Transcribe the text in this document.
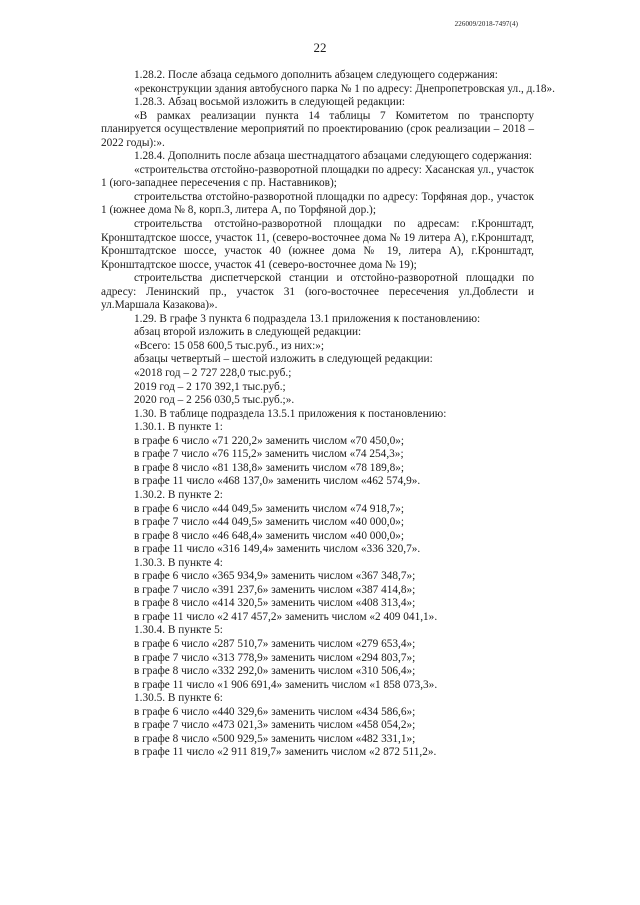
226009/2018-7497(4)
22
1.28.2. После абзаца седьмого дополнить абзацем следующего содержания:
«реконструкции здания автобусного парка № 1 по адресу: Днепропетровская ул., д.18».
1.28.3. Абзац восьмой изложить в следующей редакции:
«В рамках реализации пункта 14 таблицы 7 Комитетом по транспорту планируется осуществление мероприятий по проектированию (срок реализации – 2018 – 2022 годы):».
1.28.4. Дополнить после абзаца шестнадцатого абзацами следующего содержания:
«строительства отстойно-разворотной площадки по адресу: Хасанская ул., участок 1 (юго-западнее пересечения с пр. Наставников);
строительства отстойно-разворотной площадки по адресу: Торфяная дор., участок 1 (южнее дома № 8, корп.3, литера А, по Торфяной дор.);
строительства отстойно-разворотной площадки по адресам: г.Кронштадт, Кронштадтское шоссе, участок 11, (северо-восточнее дома № 19 литера А), г.Кронштадт, Кронштадтское шоссе, участок 40 (южнее дома № 19, литера А), г.Кронштадт, Кронштадтское шоссе, участок 41 (северо-восточнее дома № 19);
строительства диспетчерской станции и отстойно-разворотной площадки по адресу: Ленинский пр., участок 31 (юго-восточнее пересечения ул.Доблести и ул.Маршала Казакова)».
1.29. В графе 3 пункта 6 подраздела 13.1 приложения к постановлению:
абзац второй изложить в следующей редакции:
«Всего: 15 058 600,5 тыс.руб., из них:»;
абзацы четвертый – шестой изложить в следующей редакции:
«2018 год – 2 727 228,0 тыс.руб.;
2019 год – 2 170 392,1 тыс.руб.;
2020 год – 2 256 030,5 тыс.руб.;».
1.30. В таблице подраздела 13.5.1 приложения к постановлению:
1.30.1. В пункте 1:
в графе 6 число «71 220,2» заменить числом «70 450,0»;
в графе 7 число «76 115,2» заменить числом «74 254,3»;
в графе 8 число «81 138,8» заменить числом «78 189,8»;
в графе 11 число «468 137,0» заменить числом «462 574,9».
1.30.2. В пункте 2:
в графе 6 число «44 049,5» заменить числом «74 918,7»;
в графе 7 число «44 049,5» заменить числом «40 000,0»;
в графе 8 число «46 648,4» заменить числом «40 000,0»;
в графе 11 число «316 149,4» заменить числом «336 320,7».
1.30.3. В пункте 4:
в графе 6 число «365 934,9» заменить числом «367 348,7»;
в графе 7 число «391 237,6» заменить числом «387 414,8»;
в графе 8 число «414 320,5» заменить числом «408 313,4»;
в графе 11 число «2 417 457,2» заменить числом «2 409 041,1».
1.30.4. В пункте 5:
в графе 6 число «287 510,7» заменить числом «279 653,4»;
в графе 7 число «313 778,9» заменить числом «294 803,7»;
в графе 8 число «332 292,0» заменить числом «310 506,4»;
в графе 11 число «1 906 691,4» заменить числом «1 858 073,3».
1.30.5. В пункте 6:
в графе 6 число «440 329,6» заменить числом «434 586,6»;
в графе 7 число «473 021,3» заменить числом «458 054,2»;
в графе 8 число «500 929,5» заменить числом «482 331,1»;
в графе 11 число «2 911 819,7» заменить числом «2 872 511,2».
